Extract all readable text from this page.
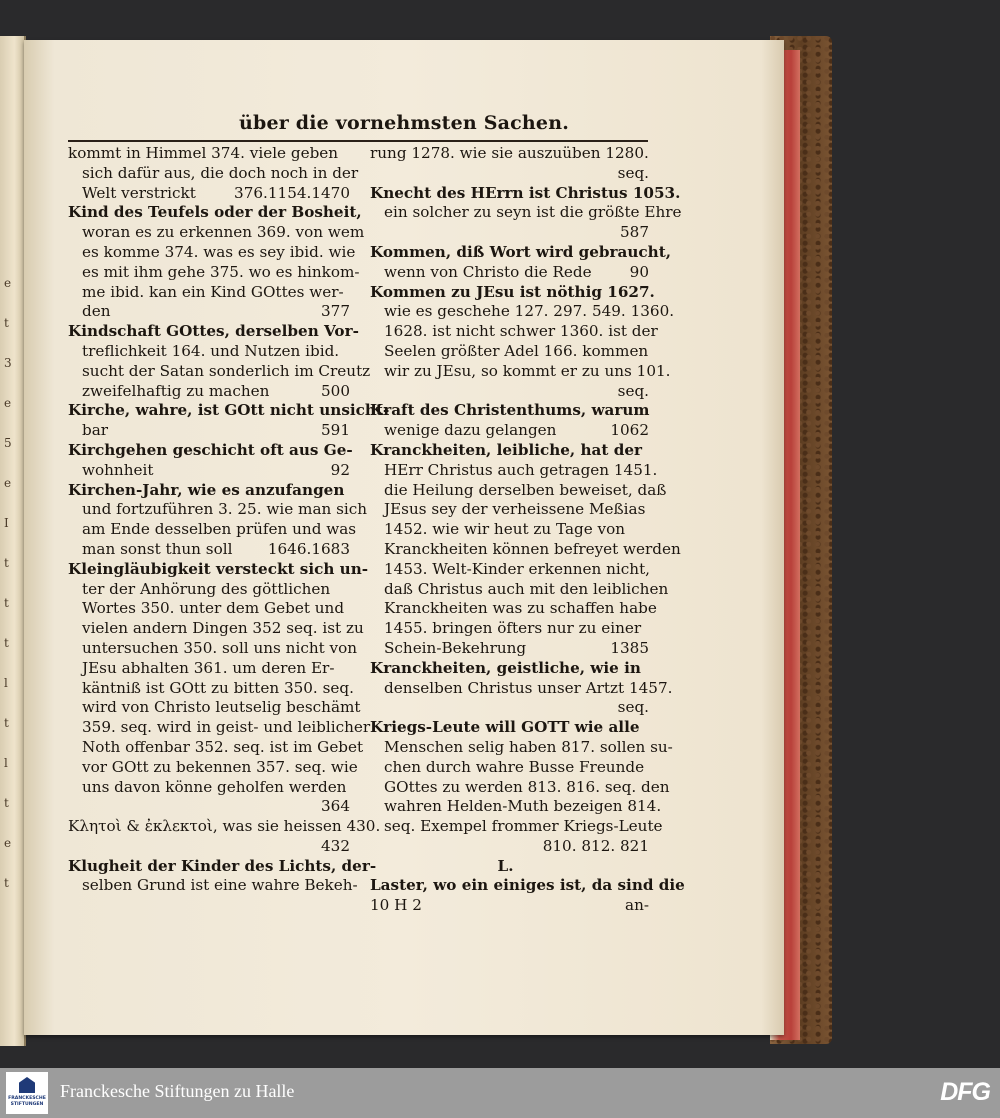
e
t
3
e
5
e
I
t
t
t
l
t
l
t
e
t
über die vornehmsten Sachen.
kommt in Himmel 374. viele geben
sich dafür aus, die doch noch in der
Welt verstrickt	376.1154.1470
Kind des Teufels oder der Bosheit,
woran es zu erkennen 369. von wem
es komme 374. was es sey ibid. wie
es mit ihm gehe 375. wo es hinkom-
me ibid. kan ein Kind GOttes wer-
den	377
Kindschaft GOttes, derselben Vor-
treflichkeit 164. und Nutzen ibid.
sucht der Satan sonderlich im Creutz
zweifelhaftig zu machen	500
Kirche, wahre, ist GOtt nicht unsicht-
bar	591
Kirchgehen geschicht oft aus Ge-
wohnheit	92
Kirchen-Jahr, wie es anzufangen
und fortzuführen 3. 25. wie man sich
am Ende desselben prüfen und was
man sonst thun soll	1646.1683
Kleingläubigkeit versteckt sich un-
ter der Anhörung des göttlichen
Wortes 350. unter dem Gebet und
vielen andern Dingen 352 seq. ist zu
untersuchen 350. soll uns nicht von
JEsu abhalten 361. um deren Er-
käntniß ist GOtt zu bitten 350. seq.
wird von Christo leutselig beschämt
359. seq. wird in geist- und leiblicher
Noth offenbar 352. seq. ist im Gebet
vor GOtt zu bekennen 357. seq. wie
uns davon könne geholfen werden
364
Κλητοὶ & ἐκλεκτοὶ, was sie heissen 430.
432
Klugheit der Kinder des Lichts, der-
selben Grund ist eine wahre Bekeh-
rung 1278. wie sie auszuüben 1280.
seq.
Knecht des HErrn ist Christus 1053.
ein solcher zu seyn ist die größte Ehre
587
Kommen, diß Wort wird gebraucht,
wenn von Christo die Rede	90
Kommen zu JEsu ist nöthig 1627.
wie es geschehe 127. 297. 549. 1360.
1628. ist nicht schwer 1360. ist der
Seelen größter Adel 166. kommen
wir zu JEsu, so kommt er zu uns 101.
seq.
Kraft des Christenthums, warum
wenige dazu gelangen	1062
Kranckheiten, leibliche, hat der
HErr Christus auch getragen 1451.
die Heilung derselben beweiset, daß
JEsus sey der verheissene Meßias
1452. wie wir heut zu Tage von
Kranckheiten können befreyet werden
1453. Welt-Kinder erkennen nicht,
daß Christus auch mit den leiblichen
Kranckheiten was zu schaffen habe
1455. bringen öfters nur zu einer
Schein-Bekehrung	1385
Kranckheiten, geistliche, wie in
denselben Christus unser Artzt 1457.
seq.
Kriegs-Leute will GOTT wie alle
Menschen selig haben 817. sollen su-
chen durch wahre Busse Freunde
GOttes zu werden 813. 816. seq. den
wahren Helden-Muth bezeigen 814.
seq. Exempel frommer Kriegs-Leute
810. 812. 821
L.
Laster, wo ein einiges ist, da sind die
10 H 2	an-
FRANCKESCHE STIFTUNGEN
Franckesche Stiftungen zu Halle	DFG
